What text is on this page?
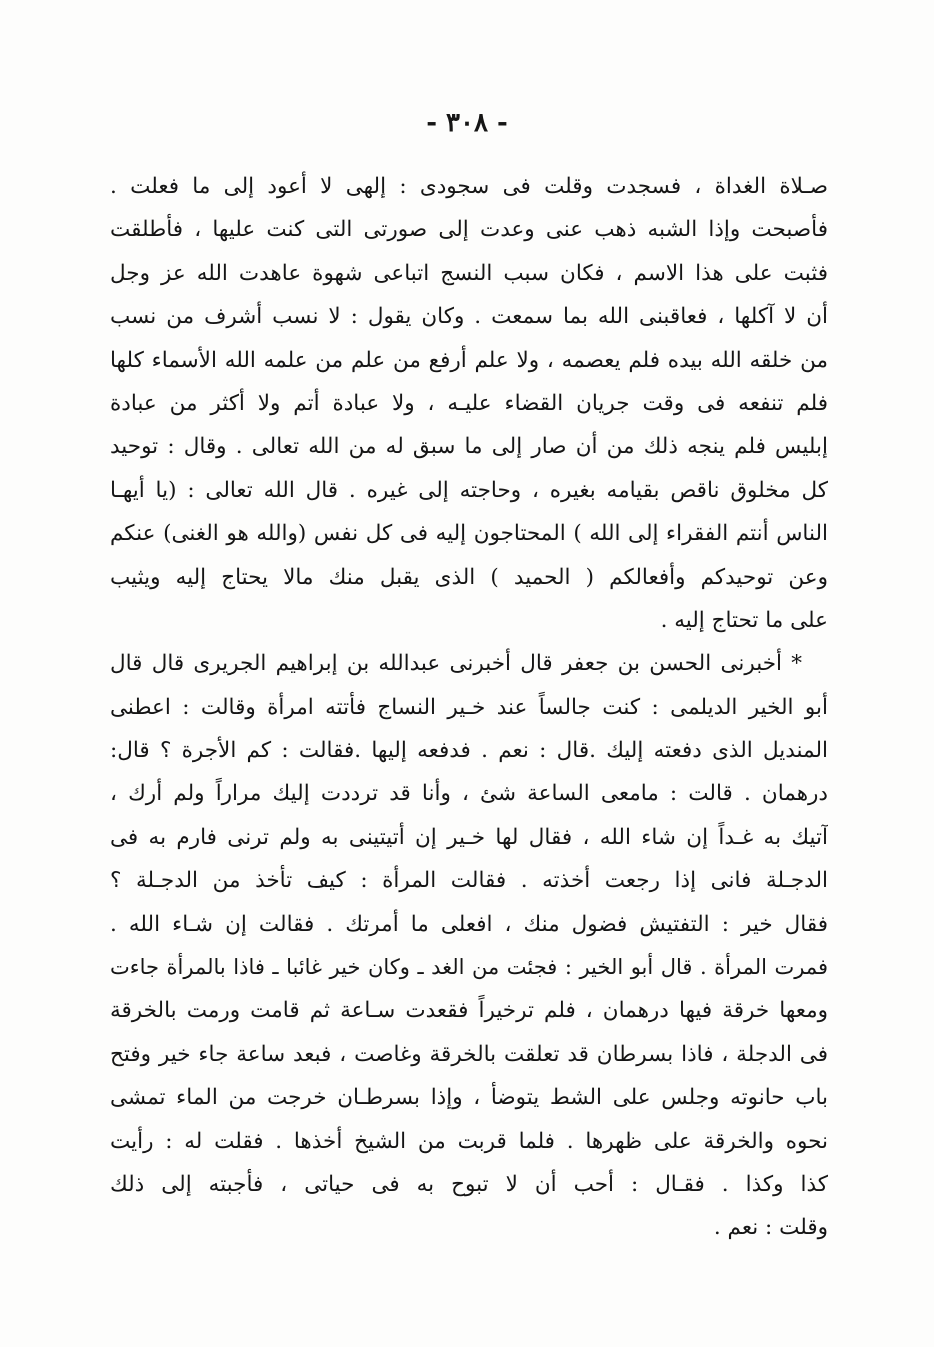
- ٣٠٨ -
صـلاة الغداة ، فسجدت وقلت فى سجودى : إلهى لا أعود إلى ما فعلت .
فأصبحت وإذا الشبه ذهب عنى وعدت إلى صورتى التى كنت عليها ، فأطلقت
فثبت على هذا الاسم ، فكان سبب النسج اتباعى شهوة عاهدت الله عز وجل
أن لا آكلها ، فعاقبنى الله بما سمعت . وكان يقول : لا نسب أشرف من نسب
من خلقه الله بيده فلم يعصمه ، ولا علم أرفع من علم من علمه الله الأسماء كلها
فلم تنفعه فى وقت جريان القضاء عليـه ، ولا عبادة أتم ولا أكثر من عبادة
إبليس فلم ينجه ذلك من أن صار إلى ما سبق له من الله تعالى . وقال : توحيد
كل مخلوق ناقص بقيامه بغيره ، وحاجته إلى غيره . قال الله تعالى : (يا أيهـا
الناس أنتم الفقراء إلى الله ) المحتاجون إليه فى كل نفس (والله هو الغنى) عنكم
وعن توحيدكم وأفعالكم ( الحميد ) الذى يقبل منك مالا يحتاج إليه ويثيب
على ما تحتاج إليه .
* أخبرنى الحسن بن جعفر قال أخبرنى عبدالله بن إبراهيم الجريرى قال قال
أبو الخير الديلمى : كنت جالساً عند خـير النساج فأتته امرأة وقالت : اعطنى
المنديل الذى دفعته إليك .قال : نعم . فدفعه إليها .فقالت : كم الأجرة ؟ قال:
درهمان . قالت : مامعى الساعة شئ ، وأنا قد ترددت إليك مراراً ولم أرك ،
آتيك به غـداً إن شاء الله ، فقال لها خـير إن أتيتينى به ولم ترنى فارم به فى
الدجـلة فانى إذا رجعت أخذته . فقالت المرأة : كيف تأخذ من الدجـلة ؟
فقال خير : التفتيش فضول منك ، افعلى ما أمرتك . فقالت إن شـاء الله .
فمرت المرأة . قال أبو الخير : فجئت من الغد ـ وكان خير غائبا ـ فاذا بالمرأة جاءت
ومعها خرقة فيها درهمان ، فلم ترخيراً فقعدت سـاعة ثم قامت ورمت بالخرقة
فى الدجلة ، فاذا بسرطان قد تعلقت بالخرقة وغاصت ، فبعد ساعة جاء خير وفتح
باب حانوته وجلس على الشط يتوضأ ، وإذا بسرطـان خرجت من الماء تمشى
نحوه والخرقة على ظهرها . فلما قربت من الشيخ أخذها . فقلت له : رأيت
كذا وكذا . فقـال : أحب أن لا تبوح به فى حياتى ، فأجبته إلى ذلك
وقلت : نعم .
